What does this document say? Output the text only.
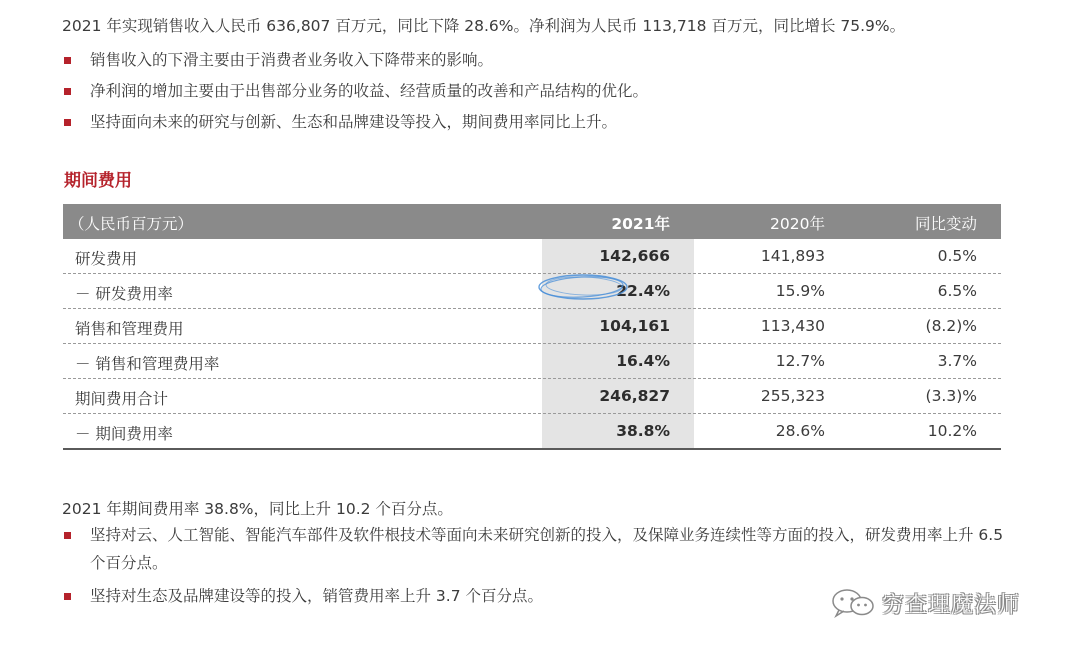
2021 年实现销售收入人民币 636,807 百万元，同比下降 28.6%。净利润为人民币 113,718 百万元，同比增长 75.9%。
销售收入的下滑主要由于消费者业务收入下降带来的影响。
净利润的增加主要由于出售部分业务的收益、经营质量的改善和产品结构的优化。
坚持面向未来的研究与创新、生态和品牌建设等投入，期间费用率同比上升。
期间费用
（人民币百万元）	2021年	2020年	同比变动
研发费用	142,666	141,893	0.5%
－ 研发费用率	22.4%	15.9%	6.5%
销售和管理费用	104,161	113,430	(8.2)%
－ 销售和管理费用率	16.4%	12.7%	3.7%
期间费用合计	246,827	255,323	(3.3)%
－ 期间费用率	38.8%	28.6%	10.2%
2021 年期间费用率 38.8%，同比上升 10.2 个百分点。
坚持对云、人工智能、智能汽车部件及软件根技术等面向未来研究创新的投入，及保障业务连续性等方面的投入，研发费用率上升 6.5 个百分点。
坚持对生态及品牌建设等的投入，销管费用率上升 3.7 个百分点。	穷查理魔法师
